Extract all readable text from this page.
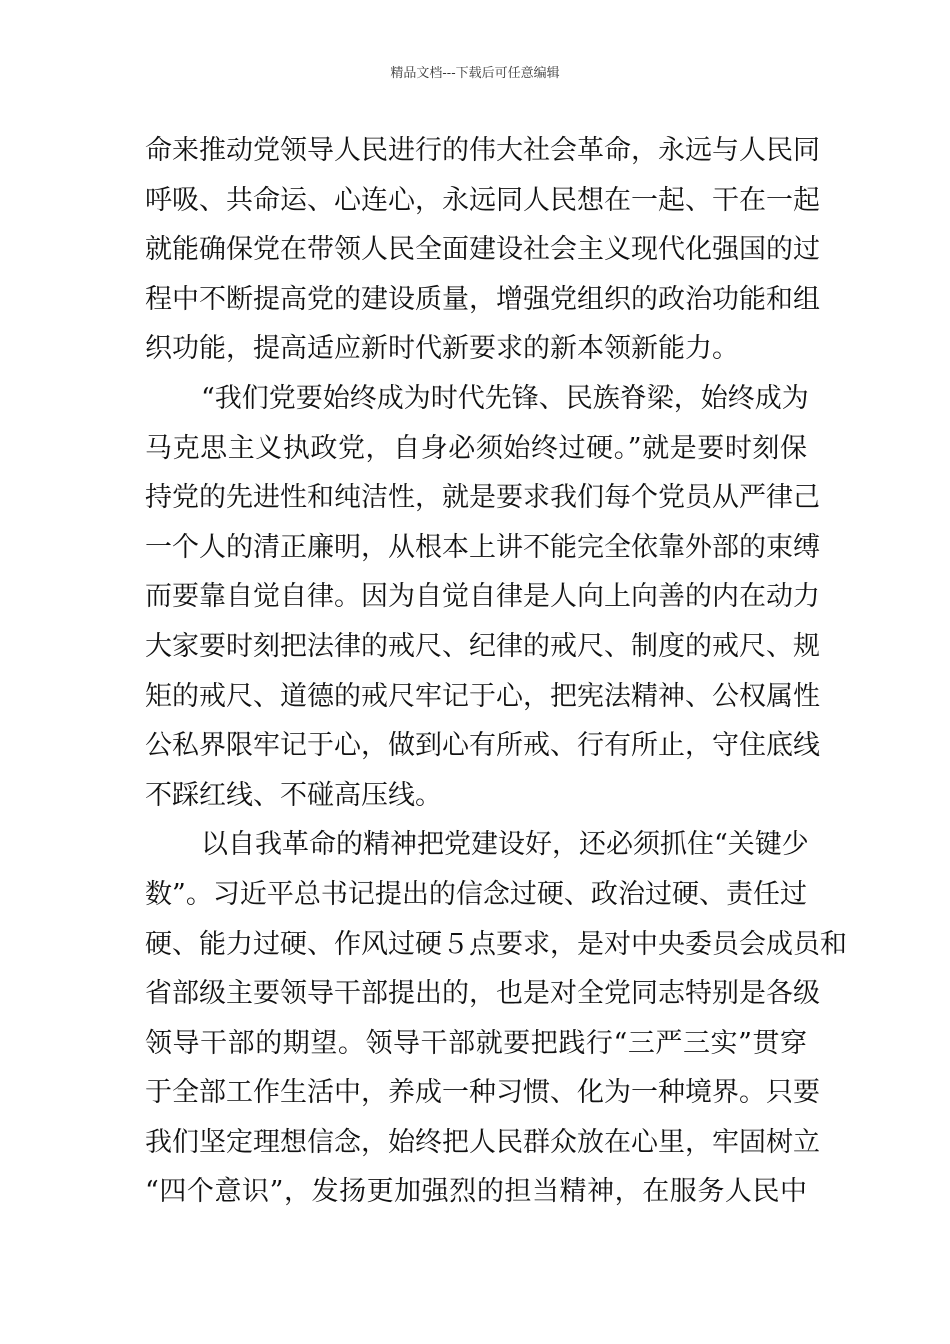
精品文档---下载后可任意编辑
命来推动党领导人民进行的伟大社会革命，永远与人民同
呼吸、共命运、心连心，永远同人民想在一起、干在一起
就能确保党在带领人民全面建设社会主义现代化强国的过
程中不断提高党的建设质量，增强党组织的政治功能和组
织功能，提高适应新时代新要求的新本领新能力。
“我们党要始终成为时代先锋、民族脊梁，始终成为
马克思主义执政党，自身必须始终过硬。”就是要时刻保
持党的先进性和纯洁性，就是要求我们每个党员从严律己
一个人的清正廉明，从根本上讲不能完全依靠外部的束缚
而要靠自觉自律。因为自觉自律是人向上向善的内在动力
大家要时刻把法律的戒尺、纪律的戒尺、制度的戒尺、规
矩的戒尺、道德的戒尺牢记于心，把宪法精神、公权属性
公私界限牢记于心，做到心有所戒、行有所止，守住底线
不踩红线、不碰高压线。
以自我革命的精神把党建设好，还必须抓住“关键少
数”。习近平总书记提出的信念过硬、政治过硬、责任过
硬、能力过硬、作风过硬５点要求，是对中央委员会成员和
省部级主要领导干部提出的，也是对全党同志特别是各级
领导干部的期望。领导干部就要把践行“三严三实”贯穿
于全部工作生活中，养成一种习惯、化为一种境界。只要
我们坚定理想信念，始终把人民群众放在心里，牢固树立
“四个意识”，发扬更加强烈的担当精神，在服务人民中
